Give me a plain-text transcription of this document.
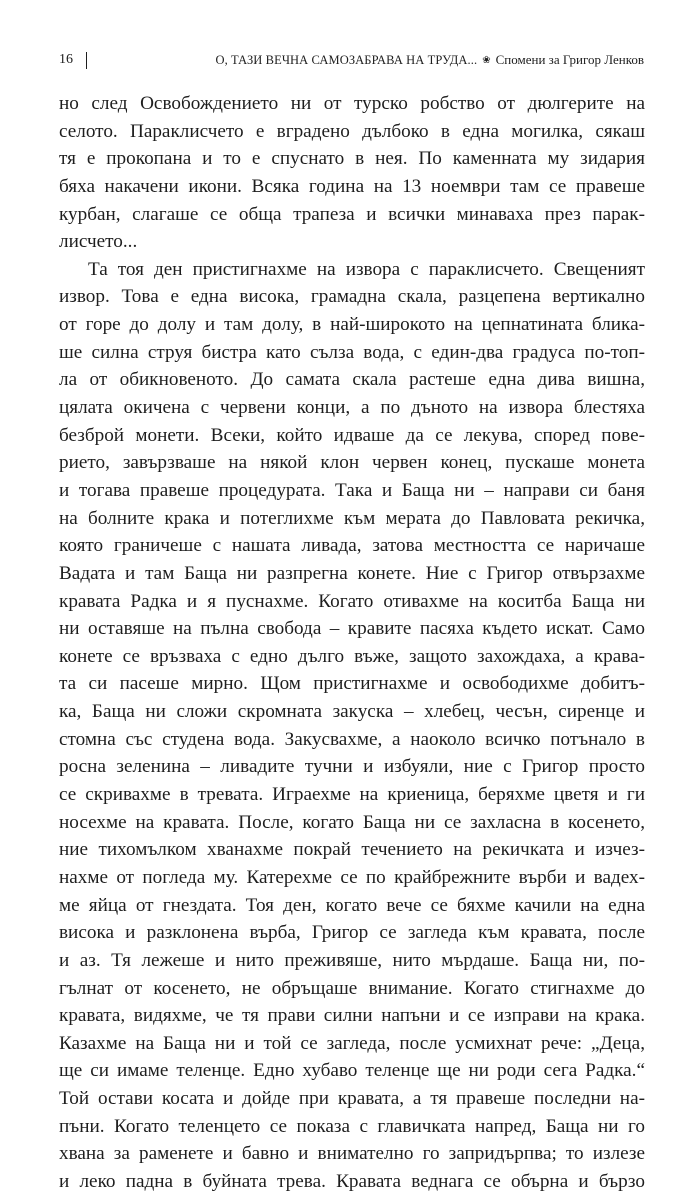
16	О, ТАЗИ ВЕЧНА САМОЗАБРАВА НА ТРУДА... ❀ Спомени за Григор Ленков
но след Освобождението ни от турско робство от дюлгерите на
селото. Параклисчето е вградено дълбоко в една могилка, сякаш
тя е прокопана и то е спуснато в нея. По каменната му зидария
бяха накачени икони. Всяка година на 13 ноември там се правеше
курбан, слагаше се обща трапеза и всички минаваха през парак-
лисчето...
Та тоя ден пристигнахме на извора с параклисчето. Свещеният
извор. Това е една висока, грамадна скала, разцепена вертикално
от горе до долу и там долу, в най-широкото на цепнатината блика-
ше силна струя бистра като сълза вода, с един-два градуса по-топ-
ла от обикновеното. До самата скала растеше една дива вишна,
цялата окичена с червени конци, а по дъното на извора блестяха
безброй монети. Всеки, който идваше да се лекува, според пове-
рието, завързваше на някой клон червен конец, пускаше монета
и тогава правеше процедурата. Така и Баща ни – направи си баня
на болните крака и потеглихме към мерата до Павловата рекичка,
която граничеше с нашата ливада, затова местността се наричаше
Вадата и там Баща ни разпрегна конете. Ние с Григор отвързахме
кравата Радка и я пуснахме. Когато отивахме на коситба Баща ни
ни оставяше на пълна свобода – кравите пасяха където искат. Само
конете се връзваха с едно дълго въже, защото захождаха, а крава-
та си пасеше мирно. Щом пристигнахме и освободихме добитъ-
ка, Баща ни сложи скромната закуска – хлебец, чесън, сиренце и
стомна със студена вода. Закусвахме, а наоколо всичко потънало в
росна зеленина – ливадите тучни и избуяли, ние с Григор просто
се скривахме в тревата. Играехме на криеница, беряхме цветя и ги
носехме на кравата. После, когато Баща ни се захласна в косенето,
ние тихомълком хванахме покрай течението на рекичката и изчез-
нахме от погледа му. Катерехме се по крайбрежните върби и вадех-
ме яйца от гнездата. Тоя ден, когато вече се бяхме качили на една
висока и разклонена върба, Григор се загледа към кравата, после
и аз. Тя лежеше и нито преживяше, нито мърдаше. Баща ни, по-
гълнат от косенето, не обръщаше внимание. Когато стигнахме до
кравата, видяхме, че тя прави силни напъни и се изправи на крака.
Казахме на Баща ни и той се загледа, после усмихнат рече: „Деца,
ще си имаме теленце. Едно хубаво теленце ще ни роди сега Радка.“
Той остави косата и дойде при кравата, а тя правеше последни на-
пъни. Когато теленцето се показа с главичката напред, Баща ни го
хвана за раменете и бавно и внимателно го запридърпва; то излезе
и леко падна в буйната трева. Кравата веднага се обърна и бързо
